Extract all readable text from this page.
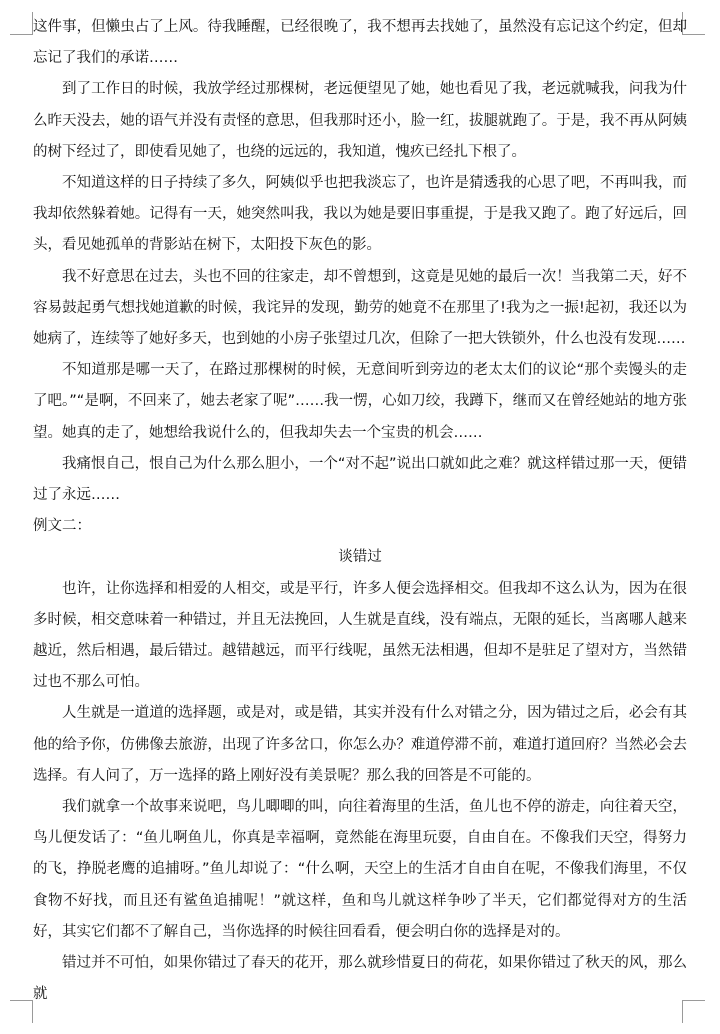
这件事，但懒虫占了上风。待我睡醒，已经很晚了，我不想再去找她了，虽然没有忘记这个约定，但却忘记了我们的承诺……

到了工作日的时候，我放学经过那棵树，老远便望见了她，她也看见了我，老远就喊我，问我为什么昨天没去，她的语气并没有责怪的意思，但我那时还小，脸一红，拔腿就跑了。于是，我不再从阿姨的树下经过了，即使看见她了，也绕的远远的，我知道，愧疚已经扎下根了。

不知道这样的日子持续了多久，阿姨似乎也把我淡忘了，也许是猜透我的心思了吧，不再叫我，而我却依然躲着她。记得有一天，她突然叫我，我以为她是要旧事重提，于是我又跑了。跑了好远后，回头，看见她孤单的背影站在树下，太阳投下灰色的影。

我不好意思在过去，头也不回的往家走，却不曾想到，这竟是见她的最后一次！当我第二天，好不容易鼓起勇气想找她道歉的时候，我诧异的发现，勤劳的她竟不在那里了!我为之一振!起初，我还以为她病了，连续等了她好多天，也到她的小房子张望过几次，但除了一把大铁锁外，什么也没有发现……

不知道那是哪一天了，在路过那棵树的时候，无意间听到旁边的老太太们的议论“那个卖馒头的走了吧。”“是啊，不回来了，她去老家了呢”……我一愣，心如刀绞，我蹲下，继而又在曾经她站的地方张望。她真的走了，她想给我说什么的，但我却失去一个宝贵的机会……

我痛恨自己，恨自己为什么那么胆小，一个“对不起”说出口就如此之难？就这样错过那一天，便错过了永远……

例文二：

谈错过

也许，让你选择和相爱的人相交，或是平行，许多人便会选择相交。但我却不这么认为，因为在很多时候，相交意味着一种错过，并且无法挽回，人生就是直线，没有端点，无限的延长，当离哪人越来越近，然后相遇，最后错过。越错越远，而平行线呢，虽然无法相遇，但却不是驻足了望对方，当然错过也不那么可怕。

人生就是一道道的选择题，或是对，或是错，其实并没有什么对错之分，因为错过之后，必会有其他的给予你，仿佛像去旅游，出现了许多岔口，你怎么办？难道停滞不前，难道打道回府？当然必会去选择。有人问了，万一选择的路上刚好没有美景呢？那么我的回答是不可能的。

我们就拿一个故事来说吧，鸟儿唧唧的叫，向往着海里的生活，鱼儿也不停的游走，向往着天空，鸟儿便发话了：“鱼儿啊鱼儿，你真是幸福啊，竟然能在海里玩耍，自由自在。不像我们天空，得努力的飞，挣脱老鹰的追捕呀。”鱼儿却说了：“什么啊，天空上的生活才自由自在呢，不像我们海里，不仅食物不好找，而且还有鲨鱼追捕呢！”就这样，鱼和鸟儿就这样争吵了半天，它们都觉得对方的生活好，其实它们都不了解自己，当你选择的时候往回看看，便会明白你的选择是对的。

错过并不可怕，如果你错过了春天的花开，那么就珍惜夏日的荷花，如果你错过了秋天的风，那么就
